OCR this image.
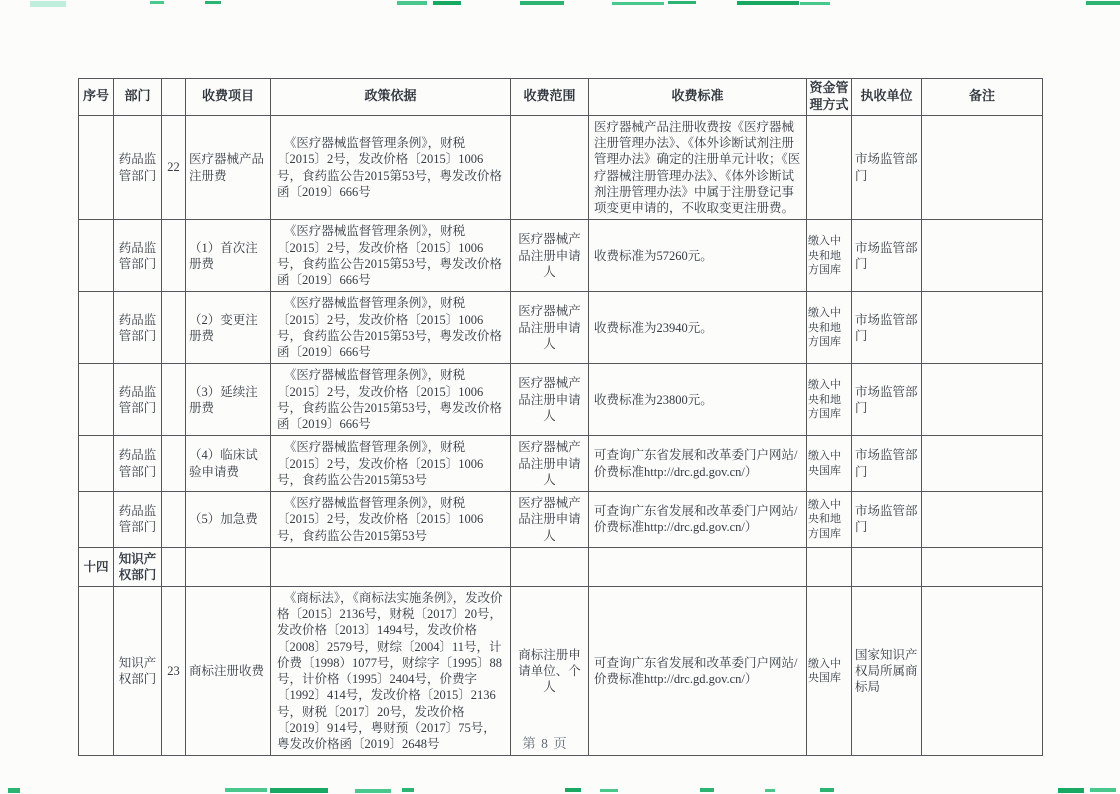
序号	部门		收费项目	政策依据	收费范围	收费标准	资金管理方式	执收单位	备注
	药品监管部门	22	医疗器械产品注册费	《医疗器械监督管理条例》，财税〔2015〕2号，发改价格〔2015〕1006号，食药监公告2015第53号，粤发改价格函〔2019〕666号		医疗器械产品注册收费按《医疗器械注册管理办法》、《体外诊断试剂注册管理办法》确定的注册单元计收；《医疗器械注册管理办法》、《体外诊断试剂注册管理办法》中属于注册登记事项变更申请的，不收取变更注册费。		市场监管部门	
	药品监管部门		（1）首次注册费	《医疗器械监督管理条例》，财税〔2015〕2号，发改价格〔2015〕1006号，食药监公告2015第53号，粤发改价格函〔2019〕666号	医疗器械产品注册申请人	收费标准为57260元。	缴入中央和地方国库	市场监管部门	
	药品监管部门		（2）变更注册费	《医疗器械监督管理条例》，财税〔2015〕2号，发改价格〔2015〕1006号，食药监公告2015第53号，粤发改价格函〔2019〕666号	医疗器械产品注册申请人	收费标准为23940元。	缴入中央和地方国库	市场监管部门	
	药品监管部门		（3）延续注册费	《医疗器械监督管理条例》，财税〔2015〕2号，发改价格〔2015〕1006号，食药监公告2015第53号，粤发改价格函〔2019〕666号	医疗器械产品注册申请人	收费标准为23800元。	缴入中央和地方国库	市场监管部门	
	药品监管部门		（4）临床试验申请费	《医疗器械监督管理条例》，财税〔2015〕2号，发改价格〔2015〕1006号，食药监公告2015第53号	医疗器械产品注册申请人	可查询广东省发展和改革委门户网站/价费标准http://drc.gd.gov.cn/）	缴入中央国库	市场监管部门	
	药品监管部门		（5）加急费	《医疗器械监督管理条例》，财税〔2015〕2号，发改价格〔2015〕1006号，食药监公告2015第53号	医疗器械产品注册申请人	可查询广东省发展和改革委门户网站/价费标准http://drc.gd.gov.cn/）	缴入中央和地方国库	市场监管部门	
十四	知识产权部门								
	知识产权部门	23	商标注册收费	《商标法》，《商标法实施条例》，发改价格〔2015〕2136号，财税〔2017〕20号，发改价格〔2013〕1494号，发改价格〔2008〕2579号，财综〔2004〕11号，计价费〔1998）1077号，财综字〔1995〕88号，计价格（1995〕2404号，价费字〔1992〕414号，发改价格〔2015〕2136号，财税〔2017〕20号，发改价格〔2019〕914号，粤财预（2017〕75号，粤发改价格函〔2019〕2648号	商标注册申请单位、个人	可查询广东省发展和改革委门户网站/价费标准http://drc.gd.gov.cn/）	缴入中央国库	国家知识产权局所属商标局	
第 8 页
